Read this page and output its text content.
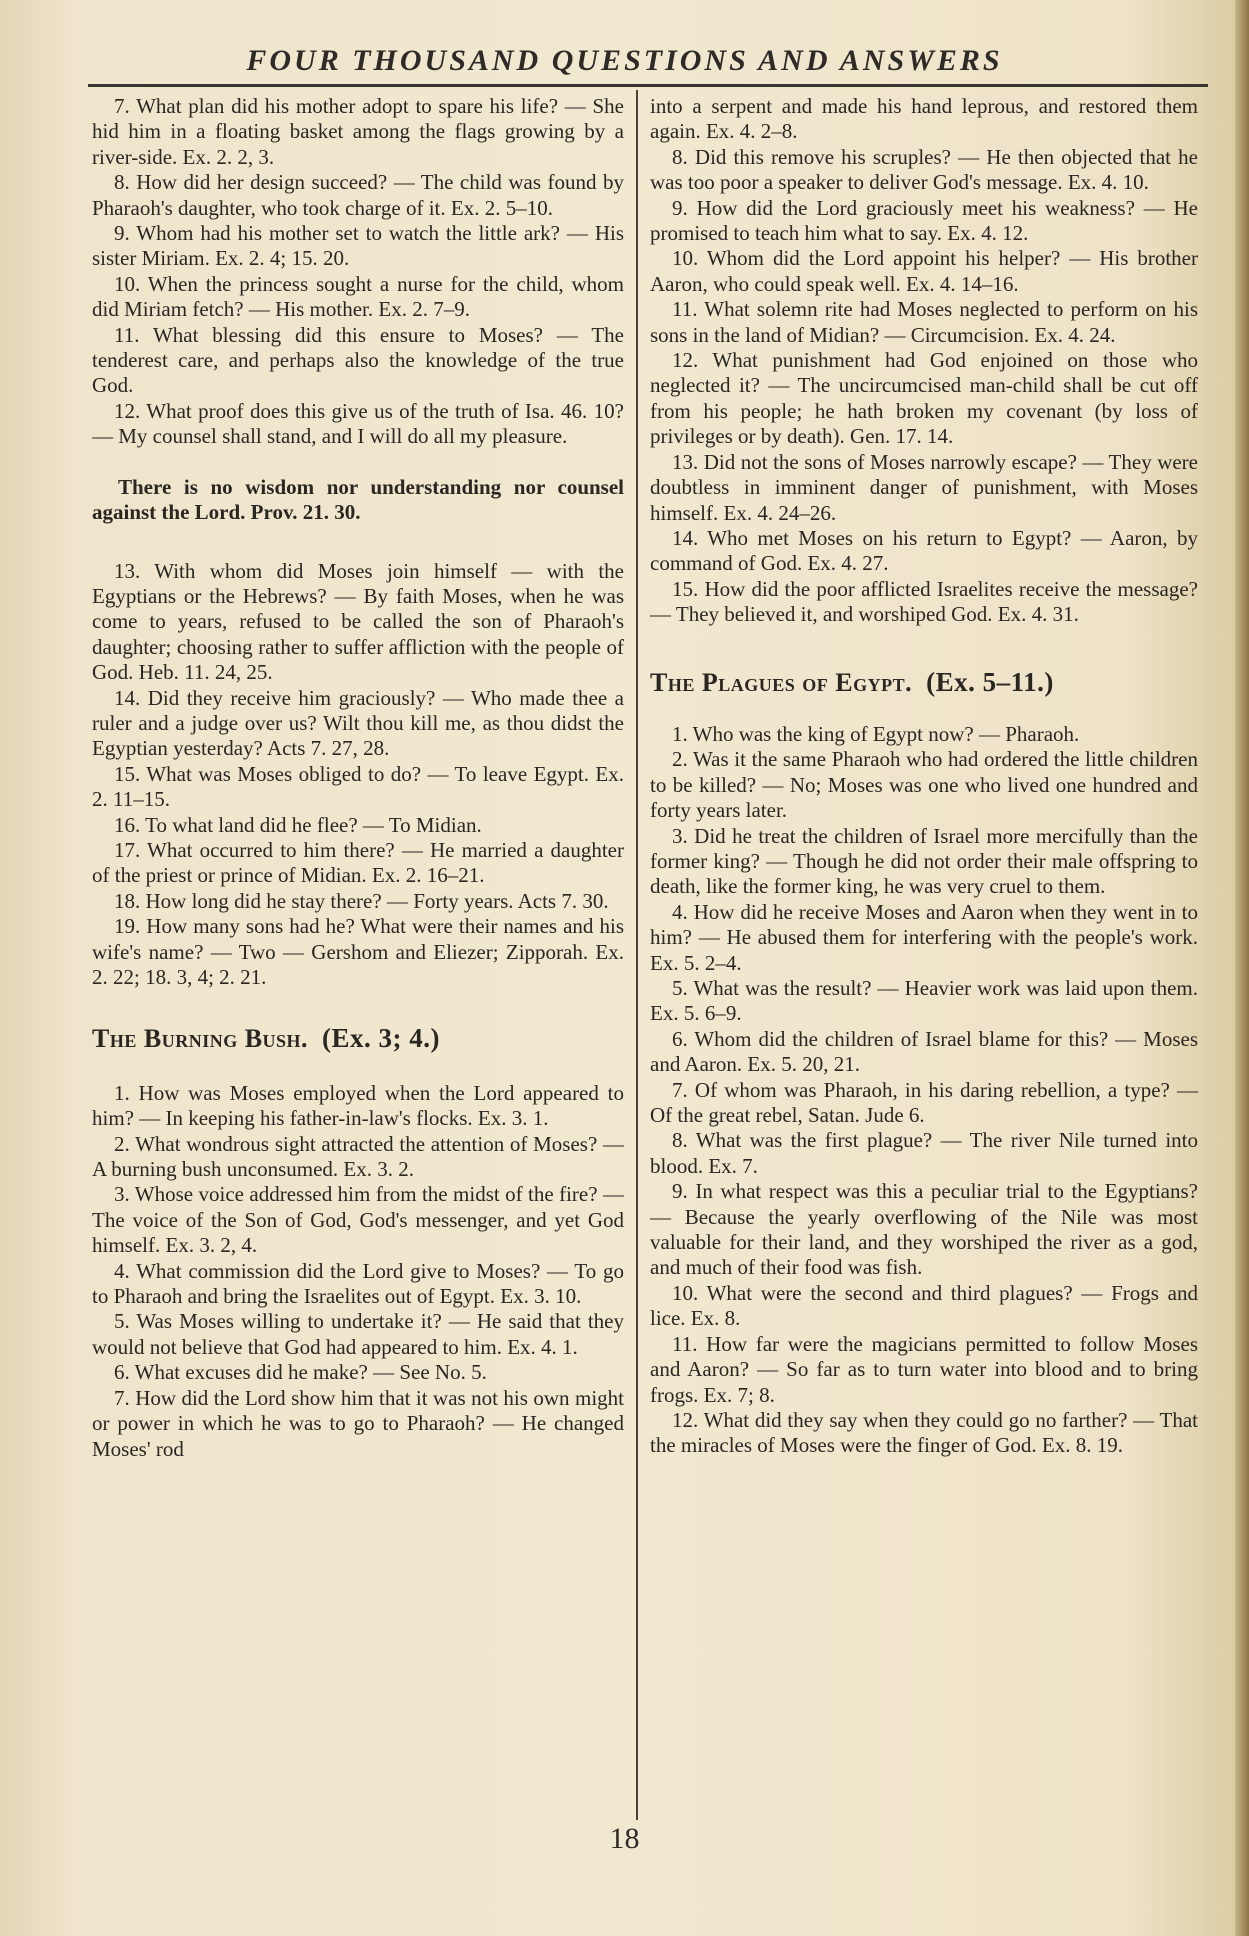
FOUR THOUSAND QUESTIONS AND ANSWERS

7. What plan did his mother adopt to spare his life? — She hid him in a floating basket among the flags growing by a river-side. Ex. 2. 2, 3.

8. How did her design succeed? — The child was found by Pharaoh's daughter, who took charge of it. Ex. 2. 5–10.

9. Whom had his mother set to watch the little ark? — His sister Miriam. Ex. 2. 4; 15. 20.

10. When the princess sought a nurse for the child, whom did Miriam fetch? — His mother. Ex. 2. 7–9.

11. What blessing did this ensure to Moses? — The tenderest care, and perhaps also the knowledge of the true God.

12. What proof does this give us of the truth of Isa. 46. 10? — My counsel shall stand, and I will do all my pleasure.

There is no wisdom nor understanding nor counsel against the Lord. Prov. 21. 30.

13. With whom did Moses join himself — with the Egyptians or the Hebrews? — By faith Moses, when he was come to years, refused to be called the son of Pharaoh's daughter; choosing rather to suffer affliction with the people of God. Heb. 11. 24, 25.

14. Did they receive him graciously? — Who made thee a ruler and a judge over us? Wilt thou kill me, as thou didst the Egyptian yesterday? Acts 7. 27, 28.

15. What was Moses obliged to do? — To leave Egypt. Ex. 2. 11–15.

16. To what land did he flee? — To Midian.

17. What occurred to him there? — He married a daughter of the priest or prince of Midian. Ex. 2. 16–21.

18. How long did he stay there? — Forty years. Acts 7. 30.

19. How many sons had he? What were their names and his wife's name? — Two — Gershom and Eliezer; Zipporah. Ex. 2. 22; 18. 3, 4; 2. 21.

The Burning Bush. (Ex. 3; 4.)

1. How was Moses employed when the Lord appeared to him? — In keeping his father-in-law's flocks. Ex. 3. 1.

2. What wondrous sight attracted the attention of Moses? — A burning bush unconsumed. Ex. 3. 2.

3. Whose voice addressed him from the midst of the fire? — The voice of the Son of God, God's messenger, and yet God himself. Ex. 3. 2, 4.

4. What commission did the Lord give to Moses? — To go to Pharaoh and bring the Israelites out of Egypt. Ex. 3. 10.

5. Was Moses willing to undertake it? — He said that they would not believe that God had appeared to him. Ex. 4. 1.

6. What excuses did he make? — See No. 5.

7. How did the Lord show him that it was not his own might or power in which he was to go to Pharaoh? — He changed Moses' rod

into a serpent and made his hand leprous, and restored them again. Ex. 4. 2–8.

8. Did this remove his scruples? — He then objected that he was too poor a speaker to deliver God's message. Ex. 4. 10.

9. How did the Lord graciously meet his weakness? — He promised to teach him what to say. Ex. 4. 12.

10. Whom did the Lord appoint his helper? — His brother Aaron, who could speak well. Ex. 4. 14–16.

11. What solemn rite had Moses neglected to perform on his sons in the land of Midian? — Circumcision. Ex. 4. 24.

12. What punishment had God enjoined on those who neglected it? — The uncircumcised man-child shall be cut off from his people; he hath broken my covenant (by loss of privileges or by death). Gen. 17. 14.

13. Did not the sons of Moses narrowly escape? — They were doubtless in imminent danger of punishment, with Moses himself. Ex. 4. 24–26.

14. Who met Moses on his return to Egypt? — Aaron, by command of God. Ex. 4. 27.

15. How did the poor afflicted Israelites receive the message? — They believed it, and worshiped God. Ex. 4. 31.

The Plagues of Egypt. (Ex. 5–11.)

1. Who was the king of Egypt now? — Pharaoh.

2. Was it the same Pharaoh who had ordered the little children to be killed? — No; Moses was one who lived one hundred and forty years later.

3. Did he treat the children of Israel more mercifully than the former king? — Though he did not order their male offspring to death, like the former king, he was very cruel to them.

4. How did he receive Moses and Aaron when they went in to him? — He abused them for interfering with the people's work. Ex. 5. 2–4.

5. What was the result? — Heavier work was laid upon them. Ex. 5. 6–9.

6. Whom did the children of Israel blame for this? — Moses and Aaron. Ex. 5. 20, 21.

7. Of whom was Pharaoh, in his daring rebellion, a type? — Of the great rebel, Satan. Jude 6.

8. What was the first plague? — The river Nile turned into blood. Ex. 7.

9. In what respect was this a peculiar trial to the Egyptians? — Because the yearly overflowing of the Nile was most valuable for their land, and they worshiped the river as a god, and much of their food was fish.

10. What were the second and third plagues? — Frogs and lice. Ex. 8.

11. How far were the magicians permitted to follow Moses and Aaron? — So far as to turn water into blood and to bring frogs. Ex. 7; 8.

12. What did they say when they could go no farther? — That the miracles of Moses were the finger of God. Ex. 8. 19.

18
